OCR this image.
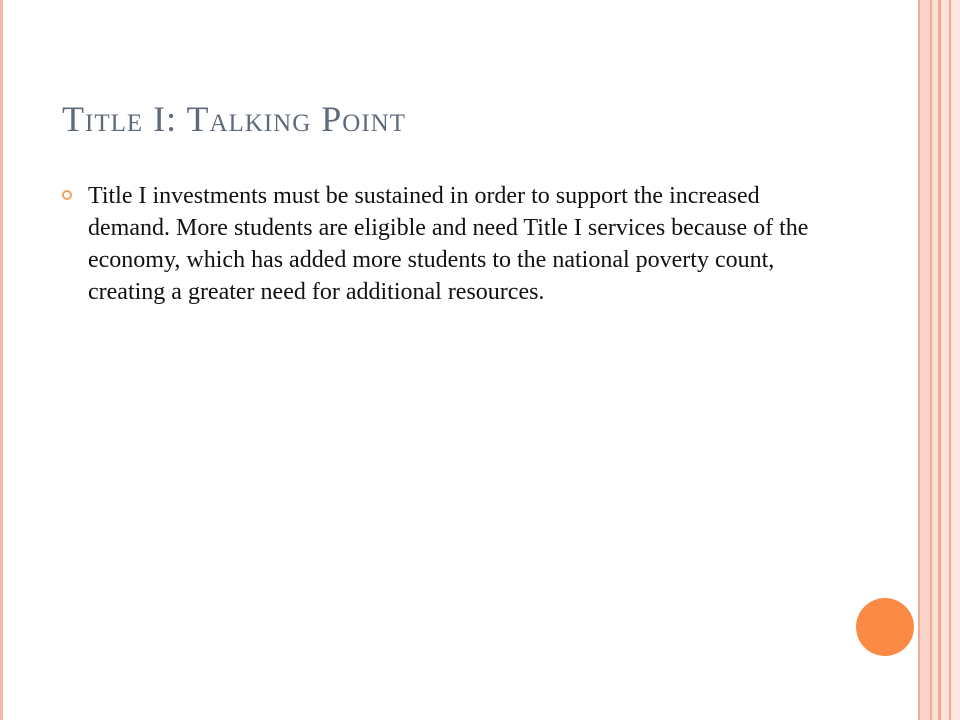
Title I: Talking Point
Title I investments must be sustained in order to support the increased demand. More students are eligible and need Title I services because of the economy, which has added more students to the national poverty count, creating a greater need for additional resources.
